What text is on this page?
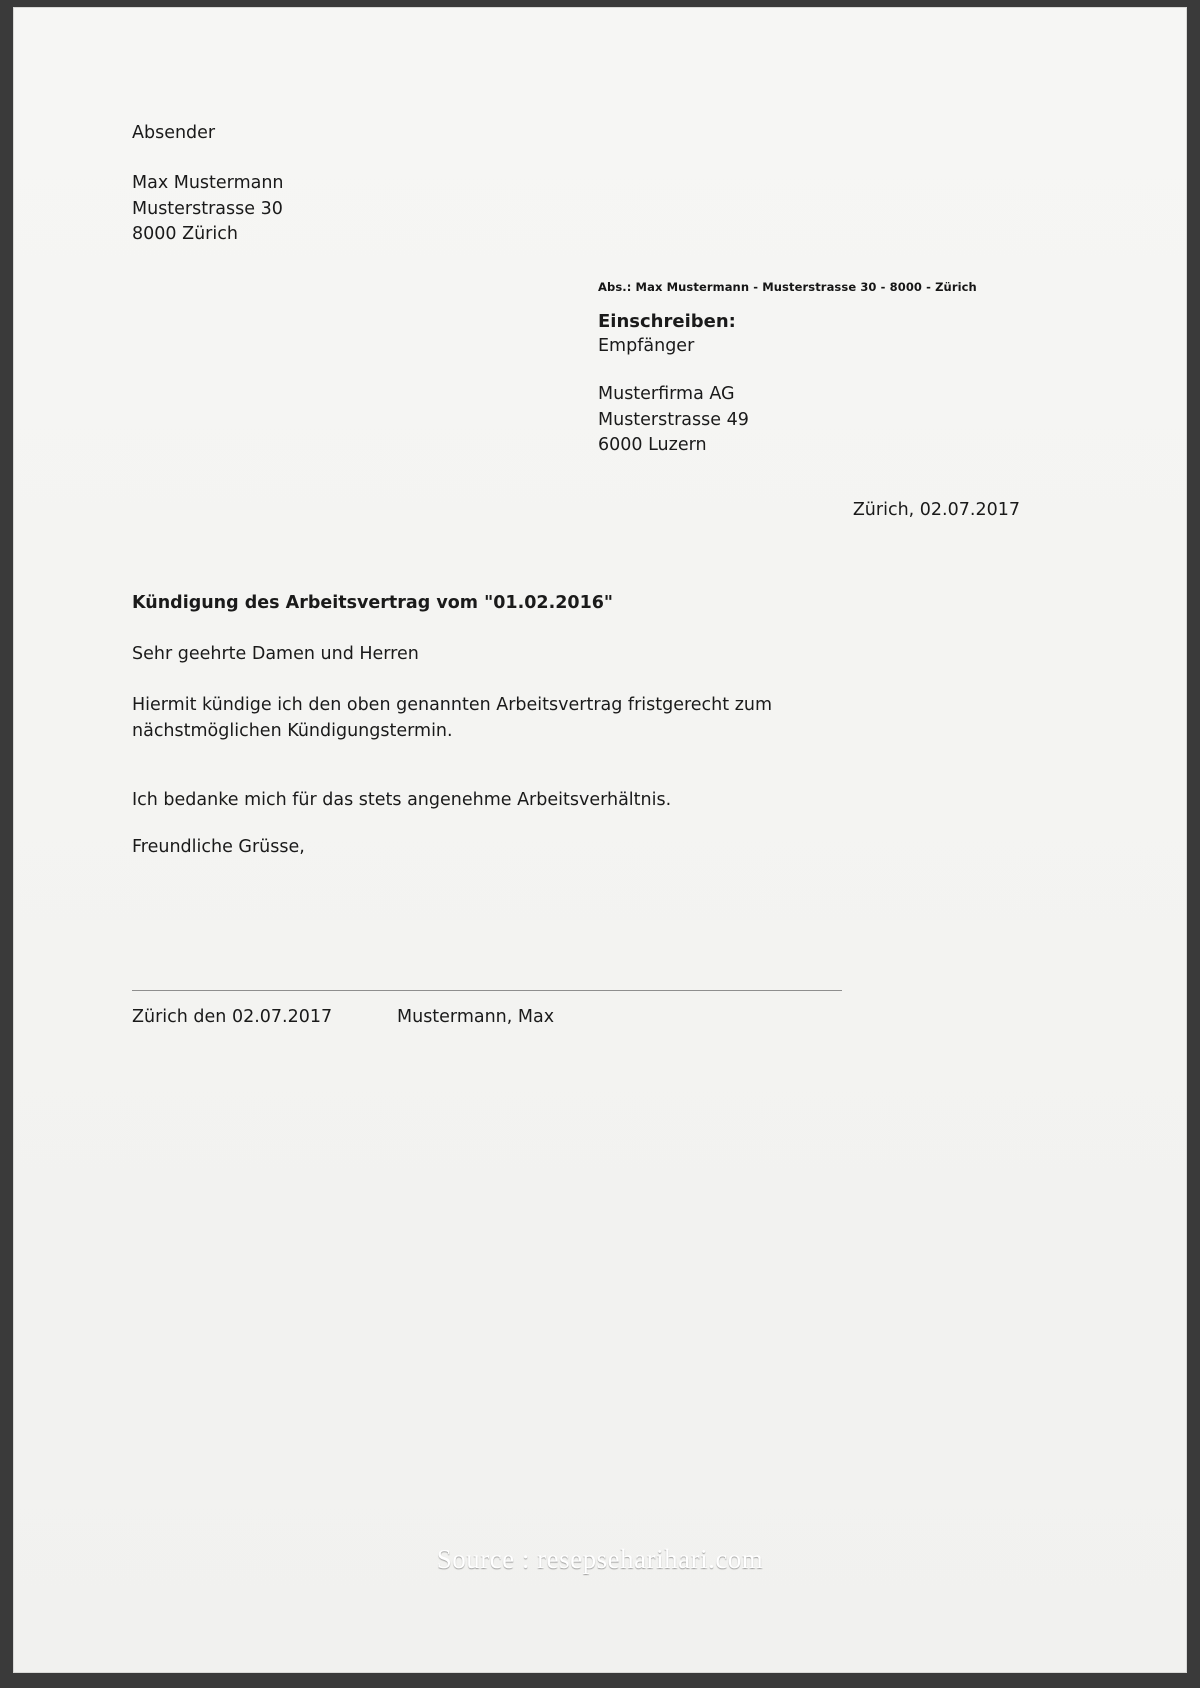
Absender
Max Mustermann
Musterstrasse 30
8000 Zürich
Abs.: Max Mustermann - Musterstrasse 30 - 8000 - Zürich
Einschreiben:
Empfänger
Musterfirma AG
Musterstrasse 49
6000 Luzern
Zürich, 02.07.2017
Kündigung des Arbeitsvertrag vom "01.02.2016"
Sehr geehrte Damen und Herren
Hiermit kündige ich den oben genannten Arbeitsvertrag fristgerecht zum nächstmöglichen Kündigungstermin.
Ich bedanke mich für das stets angenehme Arbeitsverhältnis.
Freundliche Grüsse,
Zürich den 02.07.2017	Mustermann, Max
Source : resepseharihari.com
